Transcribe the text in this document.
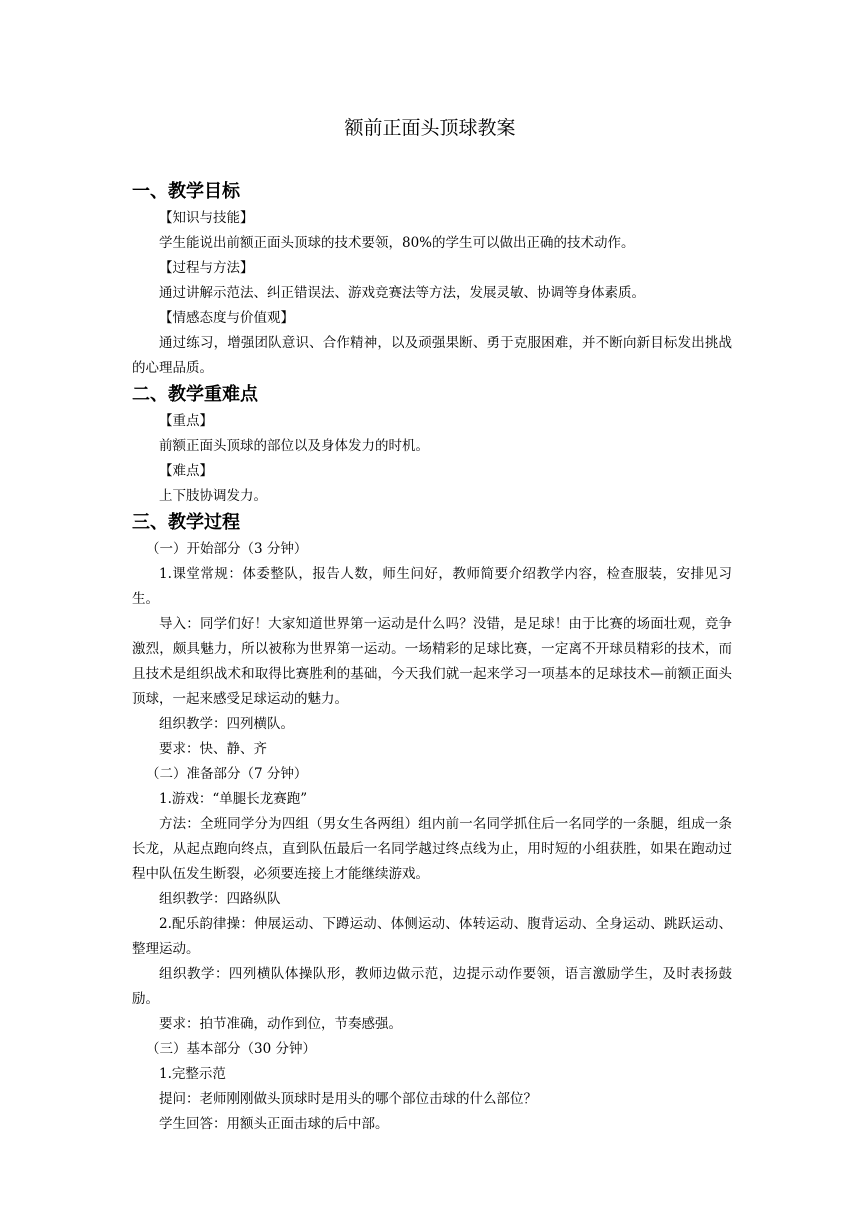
额前正面头顶球教案
一、教学目标

【知识与技能】

学生能说出前额正面头顶球的技术要领，80%的学生可以做出正确的技术动作。

【过程与方法】

通过讲解示范法、纠正错误法、游戏竞赛法等方法，发展灵敏、协调等身体素质。

【情感态度与价值观】

通过练习，增强团队意识、合作精神，以及顽强果断、勇于克服困难，并不断向新目标发出挑战的心理品质。

二、教学重难点

【重点】

前额正面头顶球的部位以及身体发力的时机。

【难点】

上下肢协调发力。

三、教学过程

（一）开始部分（3 分钟）

1.课堂常规：体委整队，报告人数，师生问好，教师简要介绍教学内容，检查服装，安排见习生。

导入：同学们好！大家知道世界第一运动是什么吗？没错，是足球！由于比赛的场面壮观，竞争激烈，颇具魅力，所以被称为世界第一运动。一场精彩的足球比赛，一定离不开球员精彩的技术，而且技术是组织战术和取得比赛胜利的基础，今天我们就一起来学习一项基本的足球技术—前额正面头顶球，一起来感受足球运动的魅力。

组织教学：四列横队。

要求：快、静、齐

（二）准备部分（7 分钟）

1.游戏：“单腿长龙赛跑”

方法：全班同学分为四组（男女生各两组）组内前一名同学抓住后一名同学的一条腿，组成一条长龙，从起点跑向终点，直到队伍最后一名同学越过终点线为止，用时短的小组获胜，如果在跑动过程中队伍发生断裂，必须要连接上才能继续游戏。

组织教学：四路纵队

2.配乐韵律操：伸展运动、下蹲运动、体侧运动、体转运动、腹背运动、全身运动、跳跃运动、整理运动。

组织教学：四列横队体操队形，教师边做示范，边提示动作要领，语言激励学生，及时表扬鼓励。

要求：拍节准确，动作到位，节奏感强。

（三）基本部分（30 分钟）

1.完整示范

提问：老师刚刚做头顶球时是用头的哪个部位击球的什么部位？

学生回答：用额头正面击球的后中部。
